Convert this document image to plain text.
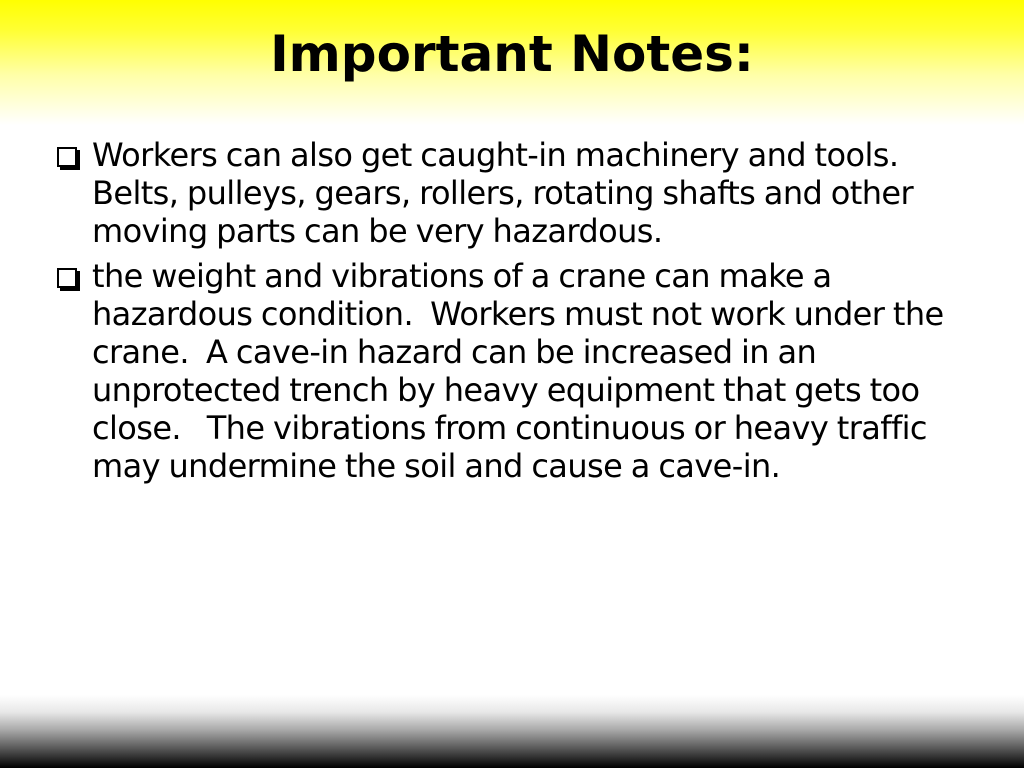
Important Notes:
Workers can also get caught-in machinery and tools.  Belts, pulleys, gears, rollers, rotating shafts and other moving parts can be very hazardous.
the weight and vibrations of a crane can make a hazardous condition.  Workers must not work under the crane.  A cave-in hazard can be increased in an unprotected trench by heavy equipment that gets too close.   The vibrations from continuous or heavy traffic may undermine the soil and cause a cave-in.
